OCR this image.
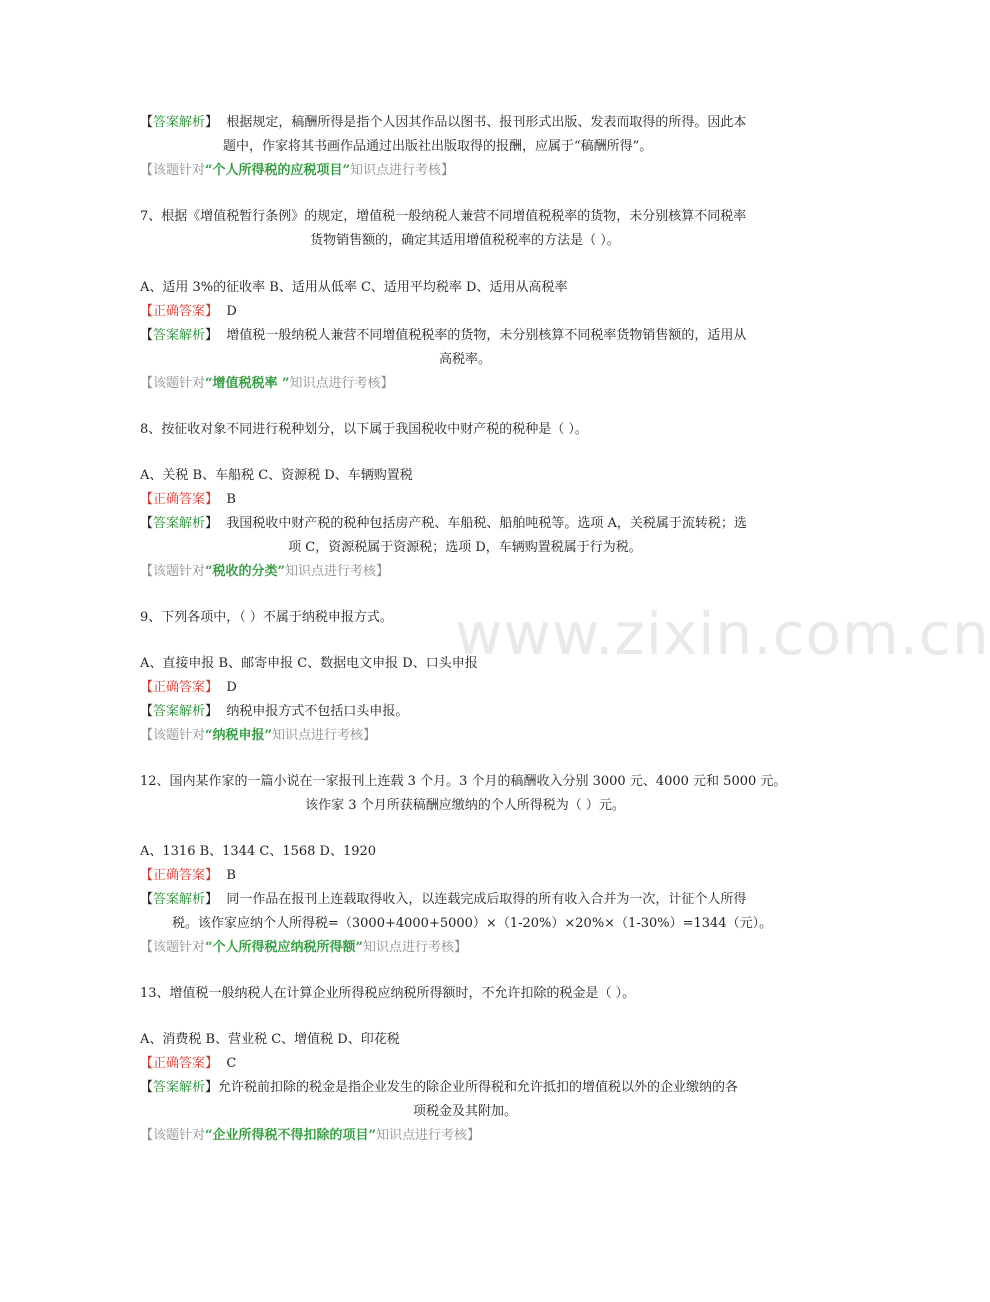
www.zixin.com.cn
【答案解析】 根据规定，稿酬所得是指个人因其作品以图书、报刊形式出版、发表而取得的所得。因此本
题中，作家将其书画作品通过出版社出版取得的报酬，应属于“稿酬所得”。
【该题针对“个人所得税的应税项目”知识点进行考核】
7、根据《增值税暂行条例》的规定，增值税一般纳税人兼营不同增值税税率的货物，未分别核算不同税率
货物销售额的，确定其适用增值税税率的方法是（ ）。
A、适用 3%的征收率 B、适用从低率 C、适用平均税率 D、适用从高税率
【正确答案】 D
【答案解析】 增值税一般纳税人兼营不同增值税税率的货物，未分别核算不同税率货物销售额的，适用从
高税率。
【该题针对“增值税税率 ”知识点进行考核】
8、按征收对象不同进行税种划分，以下属于我国税收中财产税的税种是（ ）。
A、关税 B、车船税 C、资源税 D、车辆购置税
【正确答案】 B
【答案解析】 我国税收中财产税的税种包括房产税、车船税、船舶吨税等。选项 A，关税属于流转税；选
项 C，资源税属于资源税；选项 D，车辆购置税属于行为税。
【该题针对“税收的分类”知识点进行考核】
9、下列各项中，（ ）不属于纳税申报方式。
A、直接申报 B、邮寄申报 C、数据电文申报 D、口头申报
【正确答案】 D
【答案解析】 纳税申报方式不包括口头申报。
【该题针对“纳税申报”知识点进行考核】
12、国内某作家的一篇小说在一家报刊上连载 3 个月。3 个月的稿酬收入分别 3000 元、4000 元和 5000 元。
该作家 3 个月所获稿酬应缴纳的个人所得税为（ ）元。
A、1316 B、1344 C、1568 D、1920
【正确答案】 B
【答案解析】 同一作品在报刊上连载取得收入，以连载完成后取得的所有收入合并为一次，计征个人所得
税。该作家应纳个人所得税=（3000+4000+5000）×（1-20%）×20%×（1-30%）=1344（元）。
【该题针对“个人所得税应纳税所得额”知识点进行考核】
13、增值税一般纳税人在计算企业所得税应纳税所得额时，不允许扣除的税金是（ ）。
A、消费税 B、营业税 C、增值税 D、印花税
【正确答案】 C
【答案解析】允许税前扣除的税金是指企业发生的除企业所得税和允许抵扣的增值税以外的企业缴纳的各
项税金及其附加。
【该题针对“企业所得税不得扣除的项目”知识点进行考核】
